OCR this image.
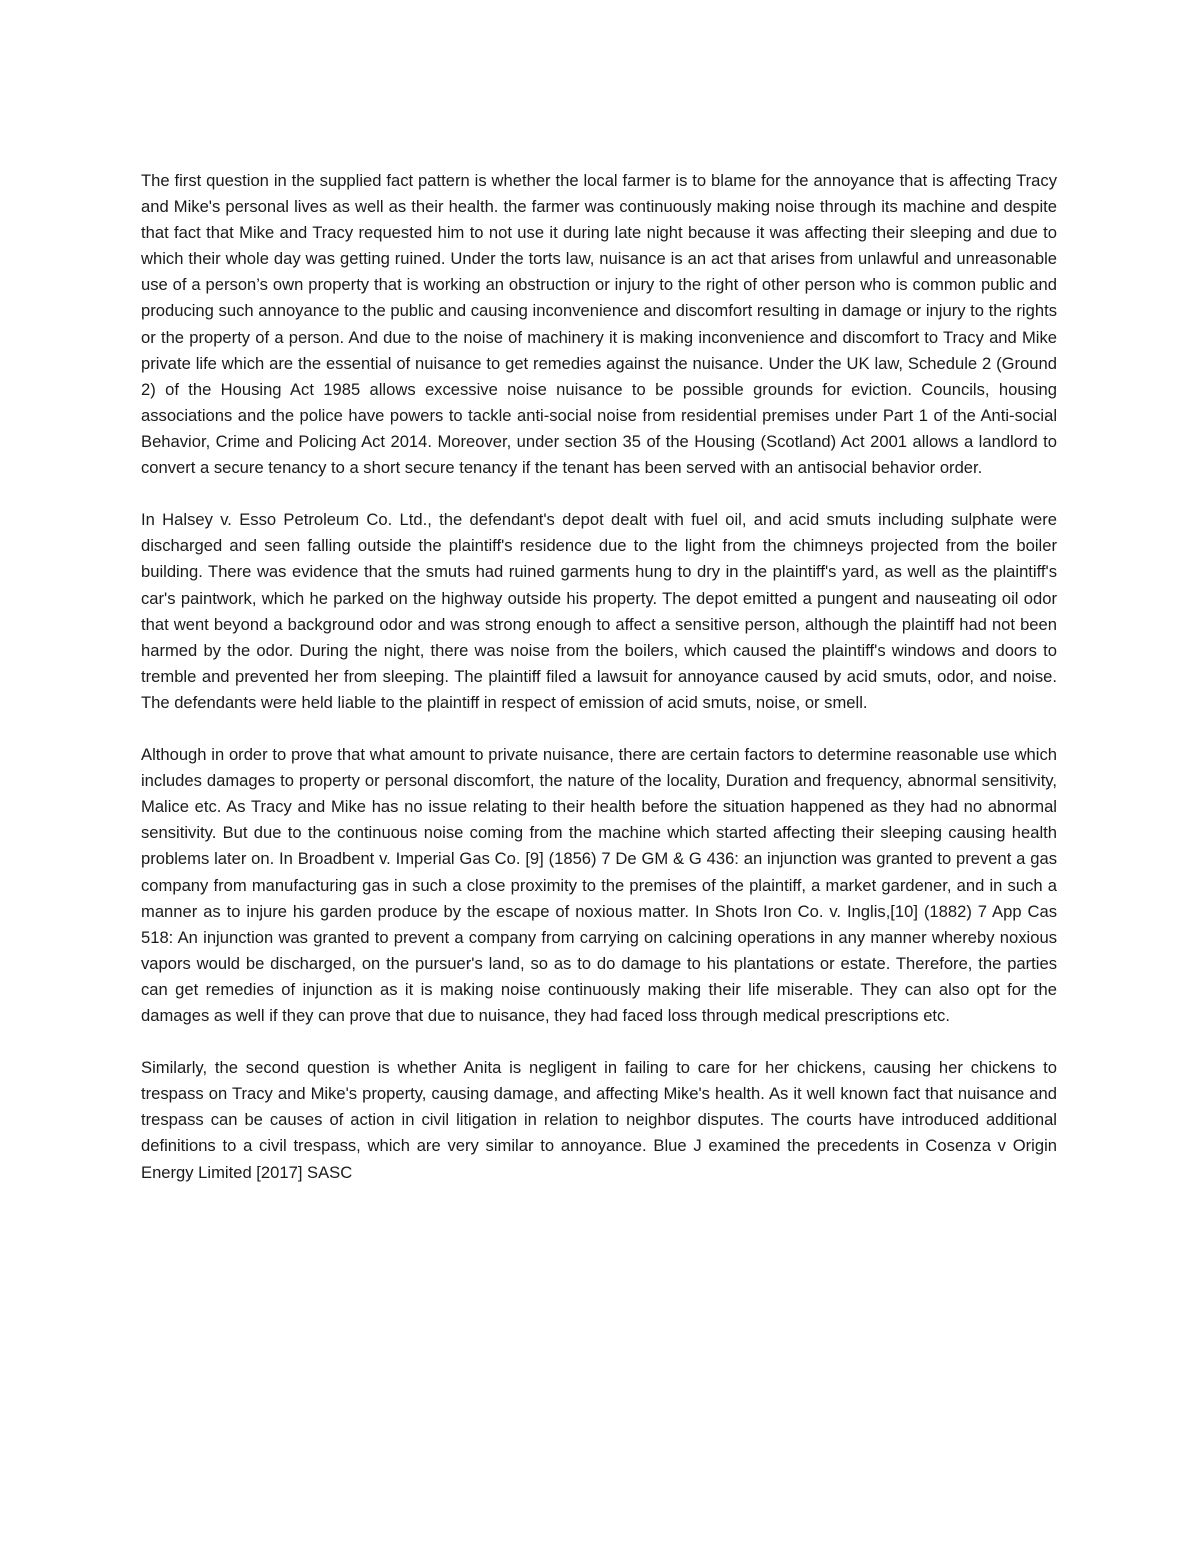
The first question in the supplied fact pattern is whether the local farmer is to blame for the annoyance that is affecting Tracy and Mike's personal lives as well as their health. the farmer was continuously making noise through its machine and despite that fact that Mike and Tracy requested him to not use it during late night because it was affecting their sleeping and due to which their whole day was getting ruined. Under the torts law, nuisance is an act that arises from unlawful and unreasonable use of a person’s own property that is working an obstruction or injury to the right of other person who is common public and producing such annoyance to the public and causing inconvenience and discomfort resulting in damage or injury to the rights or the property of a person. And due to the noise of machinery it is making inconvenience and discomfort to Tracy and Mike private life which are the essential of nuisance to get remedies against the nuisance. Under the UK law, Schedule 2 (Ground 2) of the Housing Act 1985 allows excessive noise nuisance to be possible grounds for eviction. Councils, housing associations and the police have powers to tackle anti-social noise from residential premises under Part 1 of the Anti-social Behavior, Crime and Policing Act 2014. Moreover, under section 35 of the Housing (Scotland) Act 2001 allows a landlord to convert a secure tenancy to a short secure tenancy if the tenant has been served with an antisocial behavior order.

In Halsey v. Esso Petroleum Co. Ltd., the defendant's depot dealt with fuel oil, and acid smuts including sulphate were discharged and seen falling outside the plaintiff's residence due to the light from the chimneys projected from the boiler building. There was evidence that the smuts had ruined garments hung to dry in the plaintiff's yard, as well as the plaintiff's car's paintwork, which he parked on the highway outside his property. The depot emitted a pungent and nauseating oil odor that went beyond a background odor and was strong enough to affect a sensitive person, although the plaintiff had not been harmed by the odor. During the night, there was noise from the boilers, which caused the plaintiff's windows and doors to tremble and prevented her from sleeping. The plaintiff filed a lawsuit for annoyance caused by acid smuts, odor, and noise. The defendants were held liable to the plaintiff in respect of emission of acid smuts, noise, or smell.

Although in order to prove that what amount to private nuisance, there are certain factors to determine reasonable use which includes damages to property or personal discomfort, the nature of the locality, Duration and frequency, abnormal sensitivity, Malice etc. As Tracy and Mike has no issue relating to their health before the situation happened as they had no abnormal sensitivity. But due to the continuous noise coming from the machine which started affecting their sleeping causing health problems later on. In Broadbent v. Imperial Gas Co. [9] (1856) 7 De GM & G 436: an injunction was granted to prevent a gas company from manufacturing gas in such a close proximity to the premises of the plaintiff, a market gardener, and in such a manner as to injure his garden produce by the escape of noxious matter. In Shots Iron Co. v. Inglis,[10] (1882) 7 App Cas 518: An injunction was granted to prevent a company from carrying on calcining operations in any manner whereby noxious vapors would be discharged, on the pursuer's land, so as to do damage to his plantations or estate. Therefore, the parties can get remedies of injunction as it is making noise continuously making their life miserable. They can also opt for the damages as well if they can prove that due to nuisance, they had faced loss through medical prescriptions etc.

Similarly, the second question is whether Anita is negligent in failing to care for her chickens, causing her chickens to trespass on Tracy and Mike's property, causing damage, and affecting Mike's health. As it well known fact that nuisance and trespass can be causes of action in civil litigation in relation to neighbor disputes. The courts have introduced additional definitions to a civil trespass, which are very similar to annoyance. Blue J examined the precedents in Cosenza v Origin Energy Limited [2017] SASC
